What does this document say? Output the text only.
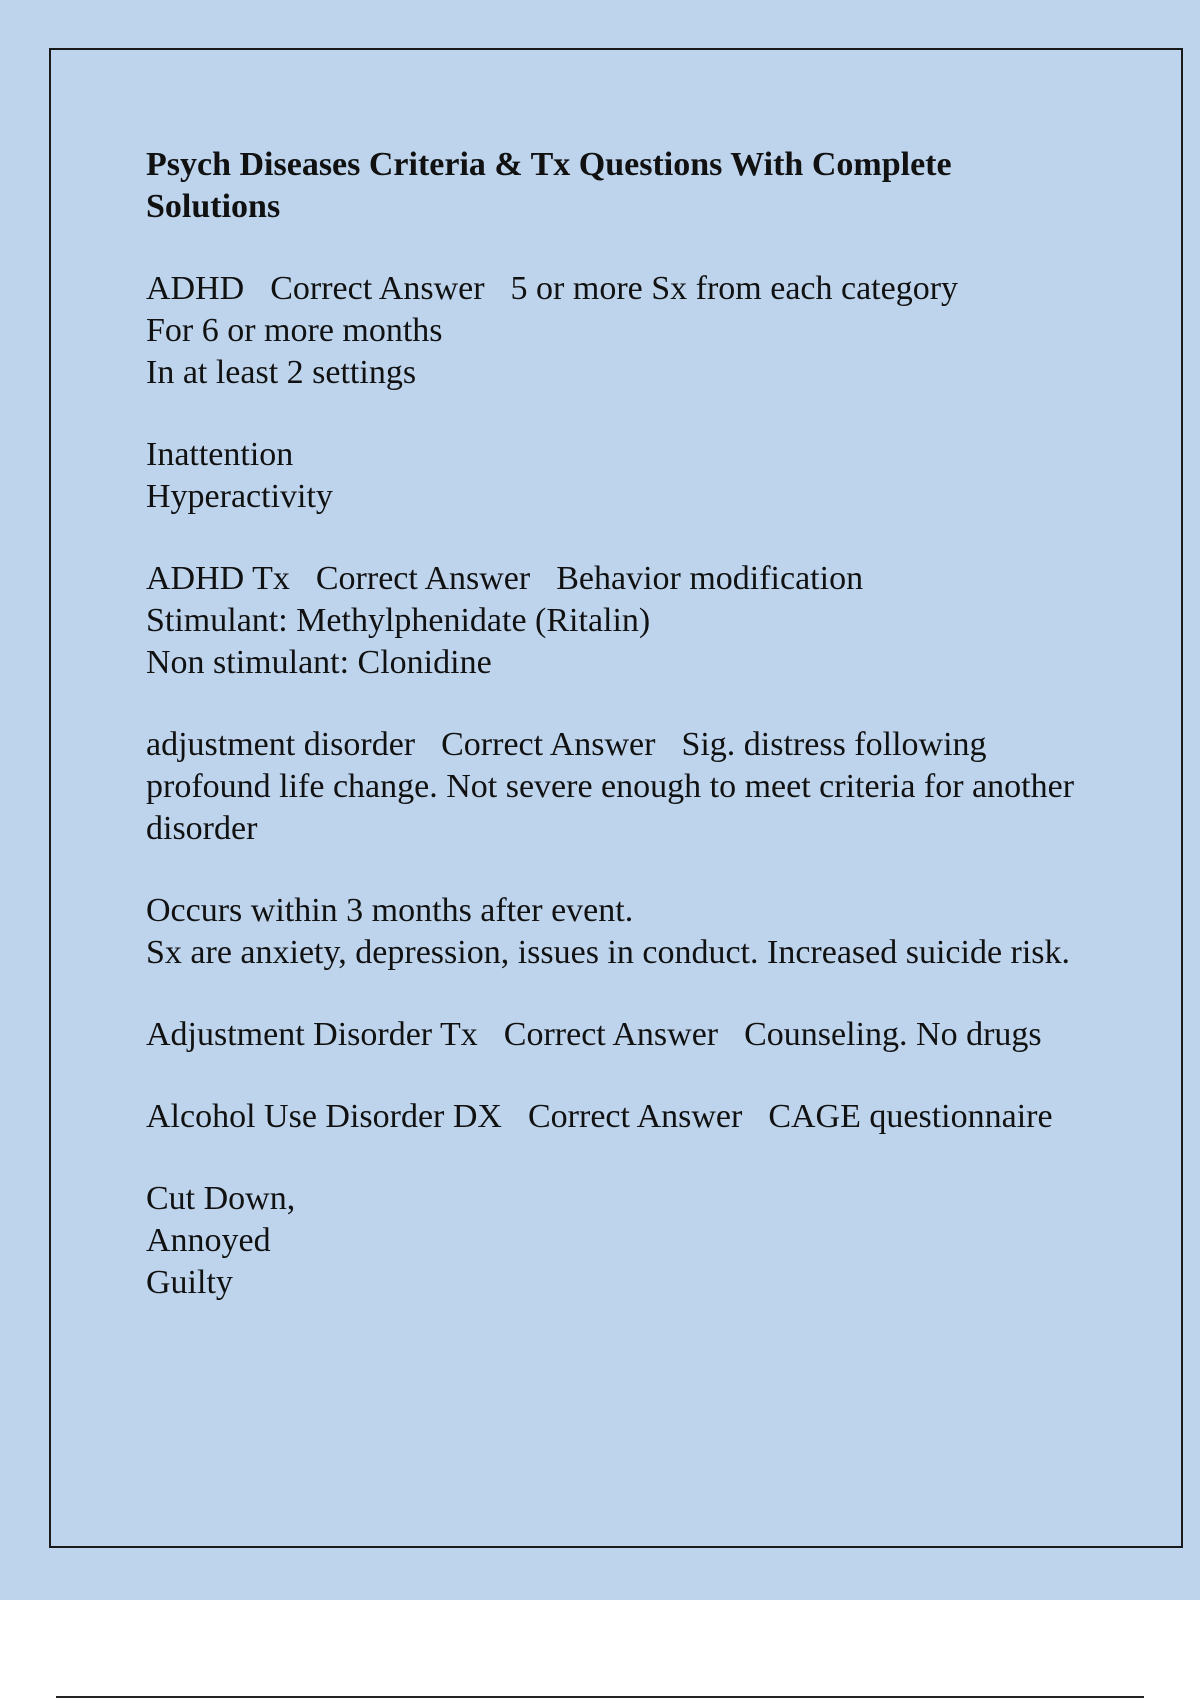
Psych Diseases Criteria & Tx Questions With Complete Solutions

ADHD Correct Answer 5 or more Sx from each category

For 6 or more months

In at least 2 settings

Inattention

Hyperactivity

ADHD Tx Correct Answer Behavior modification

Stimulant: Methylphenidate (Ritalin)

Non stimulant: Clonidine

adjustment disorder Correct Answer Sig. distress following profound life change. Not severe enough to meet criteria for another disorder

Occurs within 3 months after event.

Sx are anxiety, depression, issues in conduct. Increased suicide risk.

Adjustment Disorder Tx Correct Answer Counseling. No drugs

Alcohol Use Disorder DX Correct Answer CAGE questionnaire

Cut Down,

Annoyed

Guilty
